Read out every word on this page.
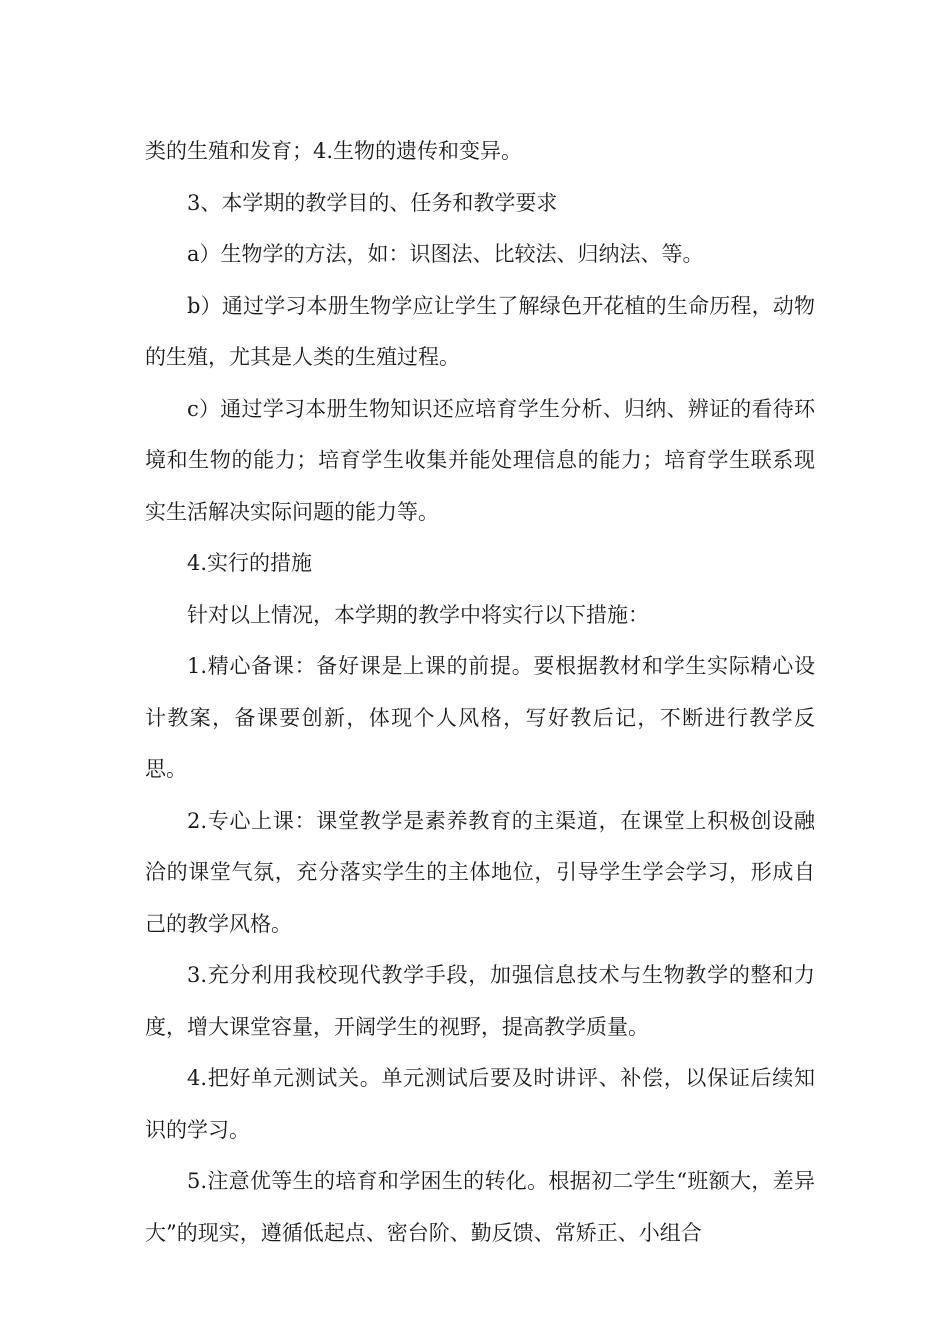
类的生殖和发育；4.生物的遗传和变异。

3、本学期的教学目的、任务和教学要求

a）生物学的方法，如：识图法、比较法、归纳法、等。

b）通过学习本册生物学应让学生了解绿色开花植的生命历程，动物的生殖，尤其是人类的生殖过程。

c）通过学习本册生物知识还应培育学生分析、归纳、辨证的看待环境和生物的能力；培育学生收集并能处理信息的能力；培育学生联系现实生活解决实际问题的能力等。

4.实行的措施

针对以上情况，本学期的教学中将实行以下措施：

1.精心备课：备好课是上课的前提。要根据教材和学生实际精心设计教案，备课要创新，体现个人风格，写好教后记，不断进行教学反思。

2.专心上课：课堂教学是素养教育的主渠道，在课堂上积极创设融洽的课堂气氛，充分落实学生的主体地位，引导学生学会学习，形成自己的教学风格。

3.充分利用我校现代教学手段，加强信息技术与生物教学的整和力度，增大课堂容量，开阔学生的视野，提高教学质量。

4.把好单元测试关。单元测试后要及时讲评、补偿，以保证后续知识的学习。

5.注意优等生的培育和学困生的转化。根据初二学生“班额大，差异大”的现实，遵循低起点、密台阶、勤反馈、常矫正、小组合
